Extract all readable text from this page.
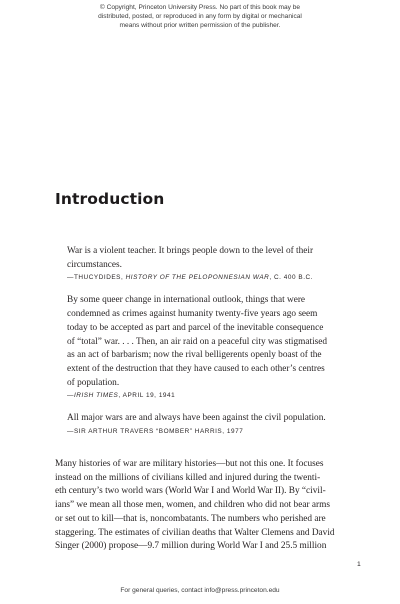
© Copyright, Princeton University Press. No part of this book may be
distributed, posted, or reproduced in any form by digital or mechanical
means without prior written permission of the publisher.
Introduction
War is a violent teacher. It brings people down to the level of their
circumstances.
—THUCYDIDES, HISTORY OF THE PELOPONNESIAN WAR, C. 400 B.C.
By some queer change in international outlook, things that were
condemned as crimes against humanity twenty-five years ago seem
today to be accepted as part and parcel of the inevitable consequence
of “total” war. . . . Then, an air raid on a peaceful city was stigmatised
as an act of barbarism; now the rival belligerents openly boast of the
extent of the destruction that they have caused to each other’s centres
of population.
—IRISH TIMES, APRIL 19, 1941
All major wars are and always have been against the civil population.
—SIR ARTHUR TRAVERS “BOMBER” HARRIS, 1977
Many histories of war are military histories—but not this one. It focuses
instead on the millions of civilians killed and injured during the twenti-
eth century’s two world wars (World War I and World War II). By “civil-
ians” we mean all those men, women, and children who did not bear arms
or set out to kill—that is, noncombatants. The numbers who perished are
staggering. The estimates of civilian deaths that Walter Clemens and David
Singer (2000) propose—9.7 million during World War I and 25.5 million
1
For general queries, contact info@press.princeton.edu
